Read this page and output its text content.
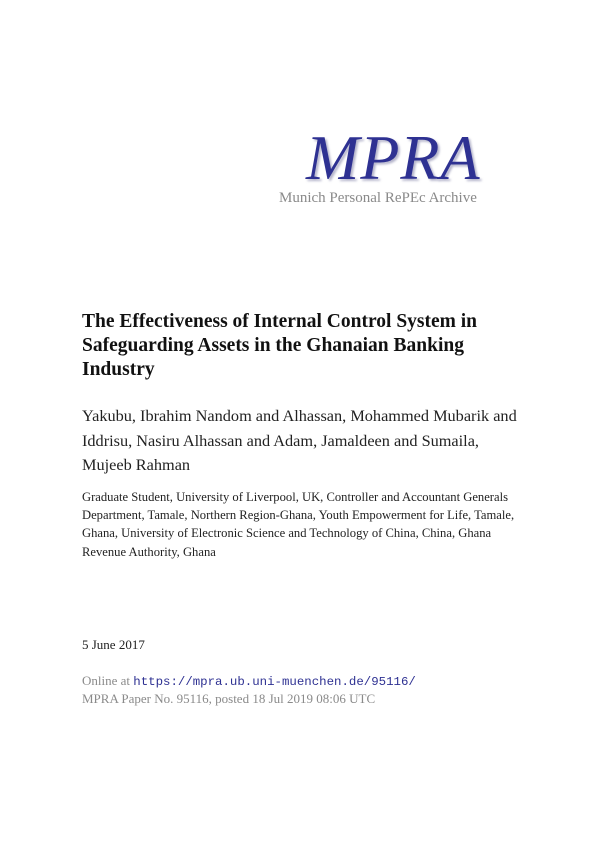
MPRA
Munich Personal RePEc Archive
The Effectiveness of Internal Control System in Safeguarding Assets in the Ghanaian Banking Industry

Yakubu, Ibrahim Nandom and Alhassan, Mohammed Mubarik and Iddrisu, Nasiru Alhassan and Adam, Jamaldeen and Sumaila, Mujeeb Rahman

Graduate Student, University of Liverpool, UK, Controller and Accountant Generals Department, Tamale, Northern Region-Ghana, Youth Empowerment for Life, Tamale, Ghana, University of Electronic Science and Technology of China, China, Ghana Revenue Authority, Ghana

5 June 2017

Online at https://mpra.ub.uni-muenchen.de/95116/

MPRA Paper No. 95116, posted 18 Jul 2019 08:06 UTC
